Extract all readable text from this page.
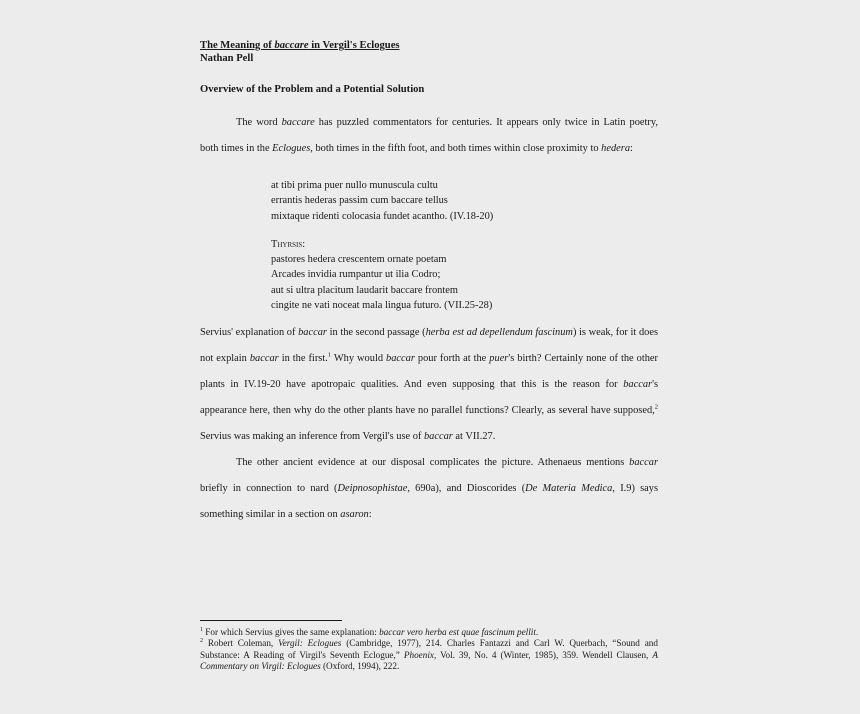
The Meaning of baccare in Vergil's Eclogues
Nathan Pell
Overview of the Problem and a Potential Solution

The word baccare has puzzled commentators for centuries. It appears only twice in Latin poetry, both times in the Eclogues, both times in the fifth foot, and both times within close proximity to hedera:

at tibi prima puer nullo munuscula cultu
errantis hederas passim cum baccare tellus
mixtaque ridenti colocasia fundet acantho. (IV.18-20)
Thyrsis:
pastores hedera crescentem ornate poetam
Arcades invidia rumpantur ut ilia Codro;
aut si ultra placitum laudarit baccare frontem
cingite ne vati noceat mala lingua futuro. (VII.25-28)

Servius' explanation of baccar in the second passage (herba est ad depellendum fascinum) is weak, for it does not explain baccar in the first.$^1$ Why would baccar pour forth at the puer's birth? Certainly none of the other plants in IV.19-20 have apotropaic qualities. And even supposing that this is the reason for baccar's appearance here, then why do the other plants have no parallel functions? Clearly, as several have supposed,$^2$ Servius was making an inference from Vergil's use of baccar at VII.27.

The other ancient evidence at our disposal complicates the picture. Athenaeus mentions baccar briefly in connection to nard (Deipnosophistae, 690a), and Dioscorides (De Materia Medica, I.9) says something similar in a section on asaron:

$^1$ For which Servius gives the same explanation: baccar vero herba est quae fascinum pellit.
$^2$ Robert Coleman, Vergil: Eclogues (Cambridge, 1977), 214. Charles Fantazzi and Carl W. Querbach, “Sound and Substance: A Reading of Virgil's Seventh Eclogue,” Phoenix, Vol. 39, No. 4 (Winter, 1985), 359. Wendell Clausen, A Commentary on Virgil: Eclogues (Oxford, 1994), 222.
